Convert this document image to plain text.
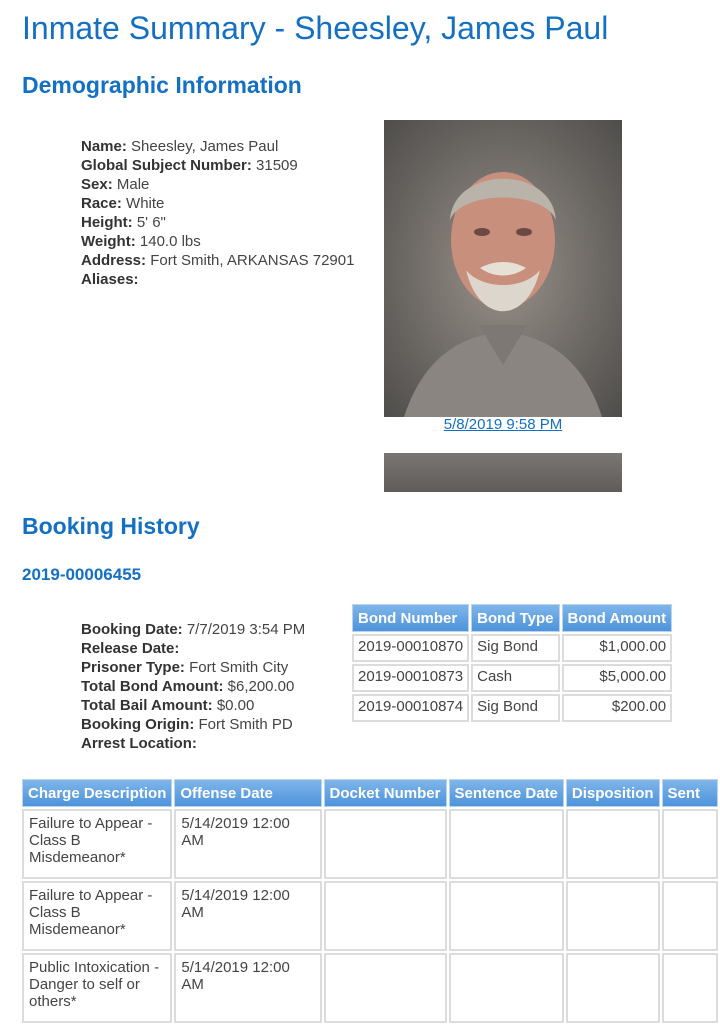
Inmate Summary - Sheesley, James Paul
Demographic Information
Name: Sheesley, James Paul
Global Subject Number: 31509
Sex: Male
Race: White
Height: 5' 6"
Weight: 140.0 lbs
Address: Fort Smith, ARKANSAS 72901
Aliases:
5/8/2019 9:58 PM
Booking History
2019-00006455
Booking Date: 7/7/2019 3:54 PM
Release Date:
Prisoner Type: Fort Smith City
Total Bond Amount: $6,200.00
Total Bail Amount: $0.00
Booking Origin: Fort Smith PD
Arrest Location:
Bond Number	Bond Type	Bond Amount
2019-00010870	Sig Bond	$1,000.00
2019-00010873	Cash	$5,000.00
2019-00010874	Sig Bond	$200.00
Charge Description	Offense Date	Docket Number	Sentence Date	Disposition	Sent
Failure to Appear - Class B Misdemeanor*	5/14/2019 12:00 AM				
Failure to Appear - Class B Misdemeanor*	5/14/2019 12:00 AM				
Public Intoxication - Danger to self or others*	5/14/2019 12:00 AM				
